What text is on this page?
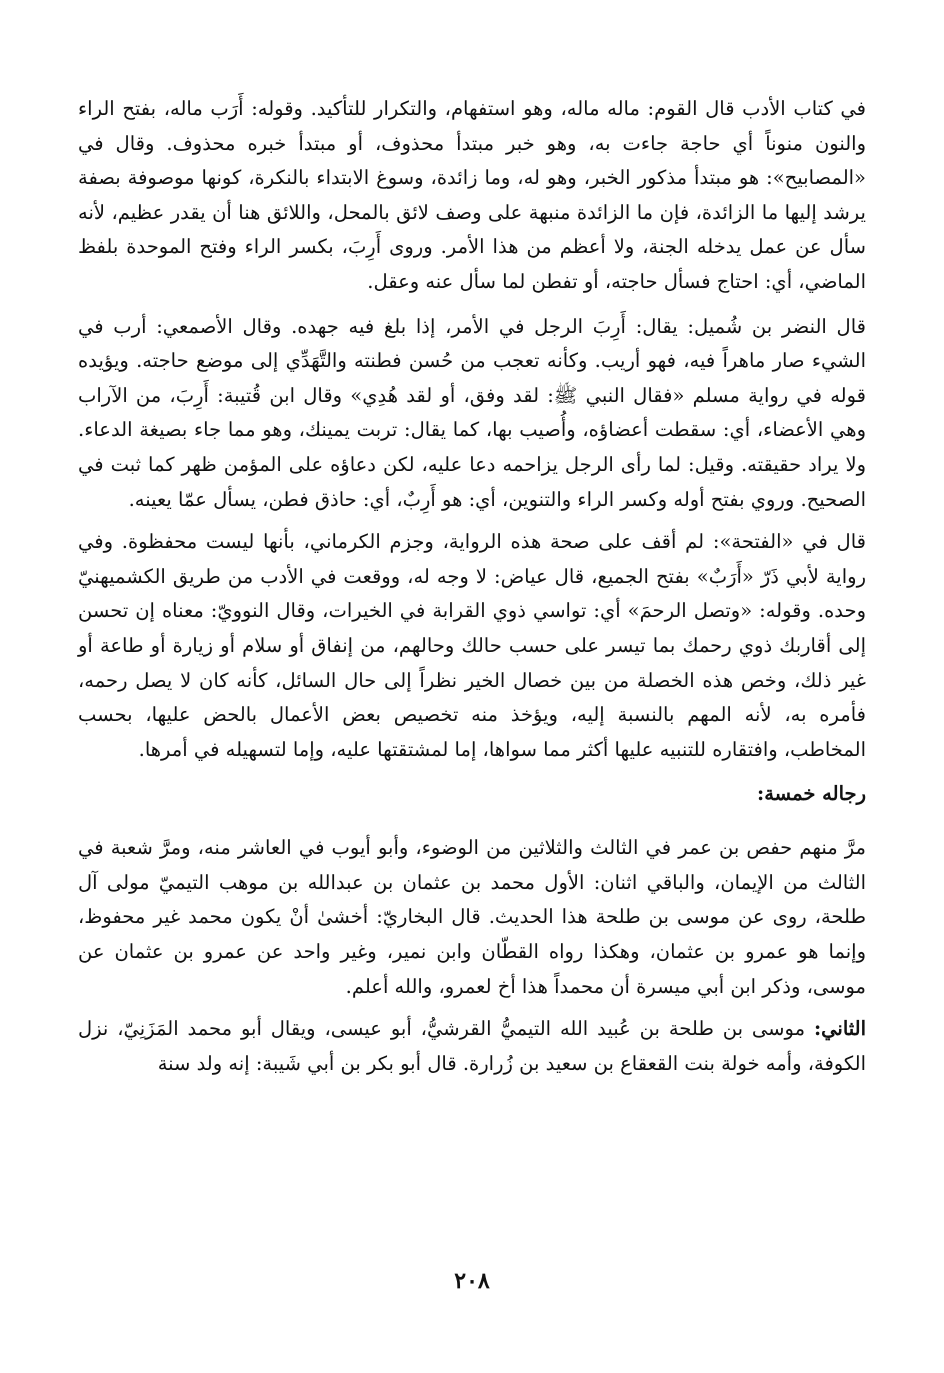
في كتاب الأدب قال القوم: ماله ماله، وهو استفهام، والتكرار للتأكيد. وقوله: أَرَب ماله، بفتح الراء والنون منوناً أي حاجة جاءت به، وهو خبر مبتدأ محذوف، أو مبتدأ خبره محذوف. وقال في «المصابيح»: هو مبتدأ مذكور الخبر، وهو له، وما زائدة، وسوغ الابتداء بالنكرة، كونها موصوفة بصفة يرشد إليها ما الزائدة، فإن ما الزائدة منبهة على وصف لائق بالمحل، واللائق هنا أن يقدر عظيم، لأنه سأل عن عمل يدخله الجنة، ولا أعظم من هذا الأمر. وروى أَرِبَ، بكسر الراء وفتح الموحدة بلفظ الماضي، أي: احتاج فسأل حاجته، أو تفطن لما سأل عنه وعقل.

قال النضر بن شُميل: يقال: أَرِبَ الرجل في الأمر، إذا بلغ فيه جهده. وقال الأصمعي: أرب في الشيء صار ماهراً فيه، فهو أريب. وكأنه تعجب من حُسن فطنته والتَّهَدِّي إلى موضع حاجته. ويؤيده قوله في رواية مسلم «فقال النبي ﷺ: لقد وفق، أو لقد هُدِي» وقال ابن قُتيبة: أَرِبَ، من الآراب وهي الأعضاء، أي: سقطت أعضاؤه، وأُصيب بها، كما يقال: تربت يمينك، وهو مما جاء بصيغة الدعاء. ولا يراد حقيقته. وقيل: لما رأى الرجل يزاحمه دعا عليه، لكن دعاؤه على المؤمن ظهر كما ثبت في الصحيح. وروي بفتح أوله وكسر الراء والتنوين، أي: هو أَرِبٌ، أي: حاذق فطن، يسأل عمّا يعينه.

قال في «الفتحة»: لم أقف على صحة هذه الرواية، وجزم الكرماني، بأنها ليست محفظوة. وفي رواية لأبي ذَرّ «أَرَبٌ» بفتح الجميع، قال عياض: لا وجه له، ووقعت في الأدب من طريق الكشميهنيّ وحده. وقوله: «وتصل الرحمَ» أي: تواسي ذوي القرابة في الخيرات، وقال النوويّ: معناه إن تحسن إلى أقاربك ذوي رحمك بما تيسر على حسب حالك وحالهم، من إنفاق أو سلام أو زيارة أو طاعة أو غير ذلك، وخص هذه الخصلة من بين خصال الخير نظراً إلى حال السائل، كأنه كان لا يصل رحمه، فأمره به، لأنه المهم بالنسبة إليه، ويؤخذ منه تخصيص بعض الأعمال بالحض عليها، بحسب المخاطب، وافتقاره للتنبيه عليها أكثر مما سواها، إما لمشتقتها عليه، وإما لتسهيله في أمرها.

رجاله خمسة:

مرَّ منهم حفص بن عمر في الثالث والثلاثين من الوضوء، وأبو أيوب في العاشر منه، ومرَّ شعبة في الثالث من الإيمان، والباقي اثنان: الأول محمد بن عثمان بن عبدالله بن موهب التيميّ مولى آل طلحة، روى عن موسى بن طلحة هذا الحديث. قال البخاريّ: أخشىٰ أنْ يكون محمد غير محفوظ، وإنما هو عمرو بن عثمان، وهكذا رواه القطّان وابن نمير، وغير واحد عن عمرو بن عثمان عن موسى، وذكر ابن أبي ميسرة أن محمداً هذا أخ لعمرو، والله أعلم.

الثاني: موسى بن طلحة بن عُبيد الله التيميُّ القرشيُّ، أبو عيسى، ويقال أبو محمد المَزَنِيّ، نزل الكوفة، وأمه خولة بنت القعقاع بن سعيد بن زُرارة. قال أبو بكر بن أبي شَيبة: إنه ولد سنة

٢٠٨
